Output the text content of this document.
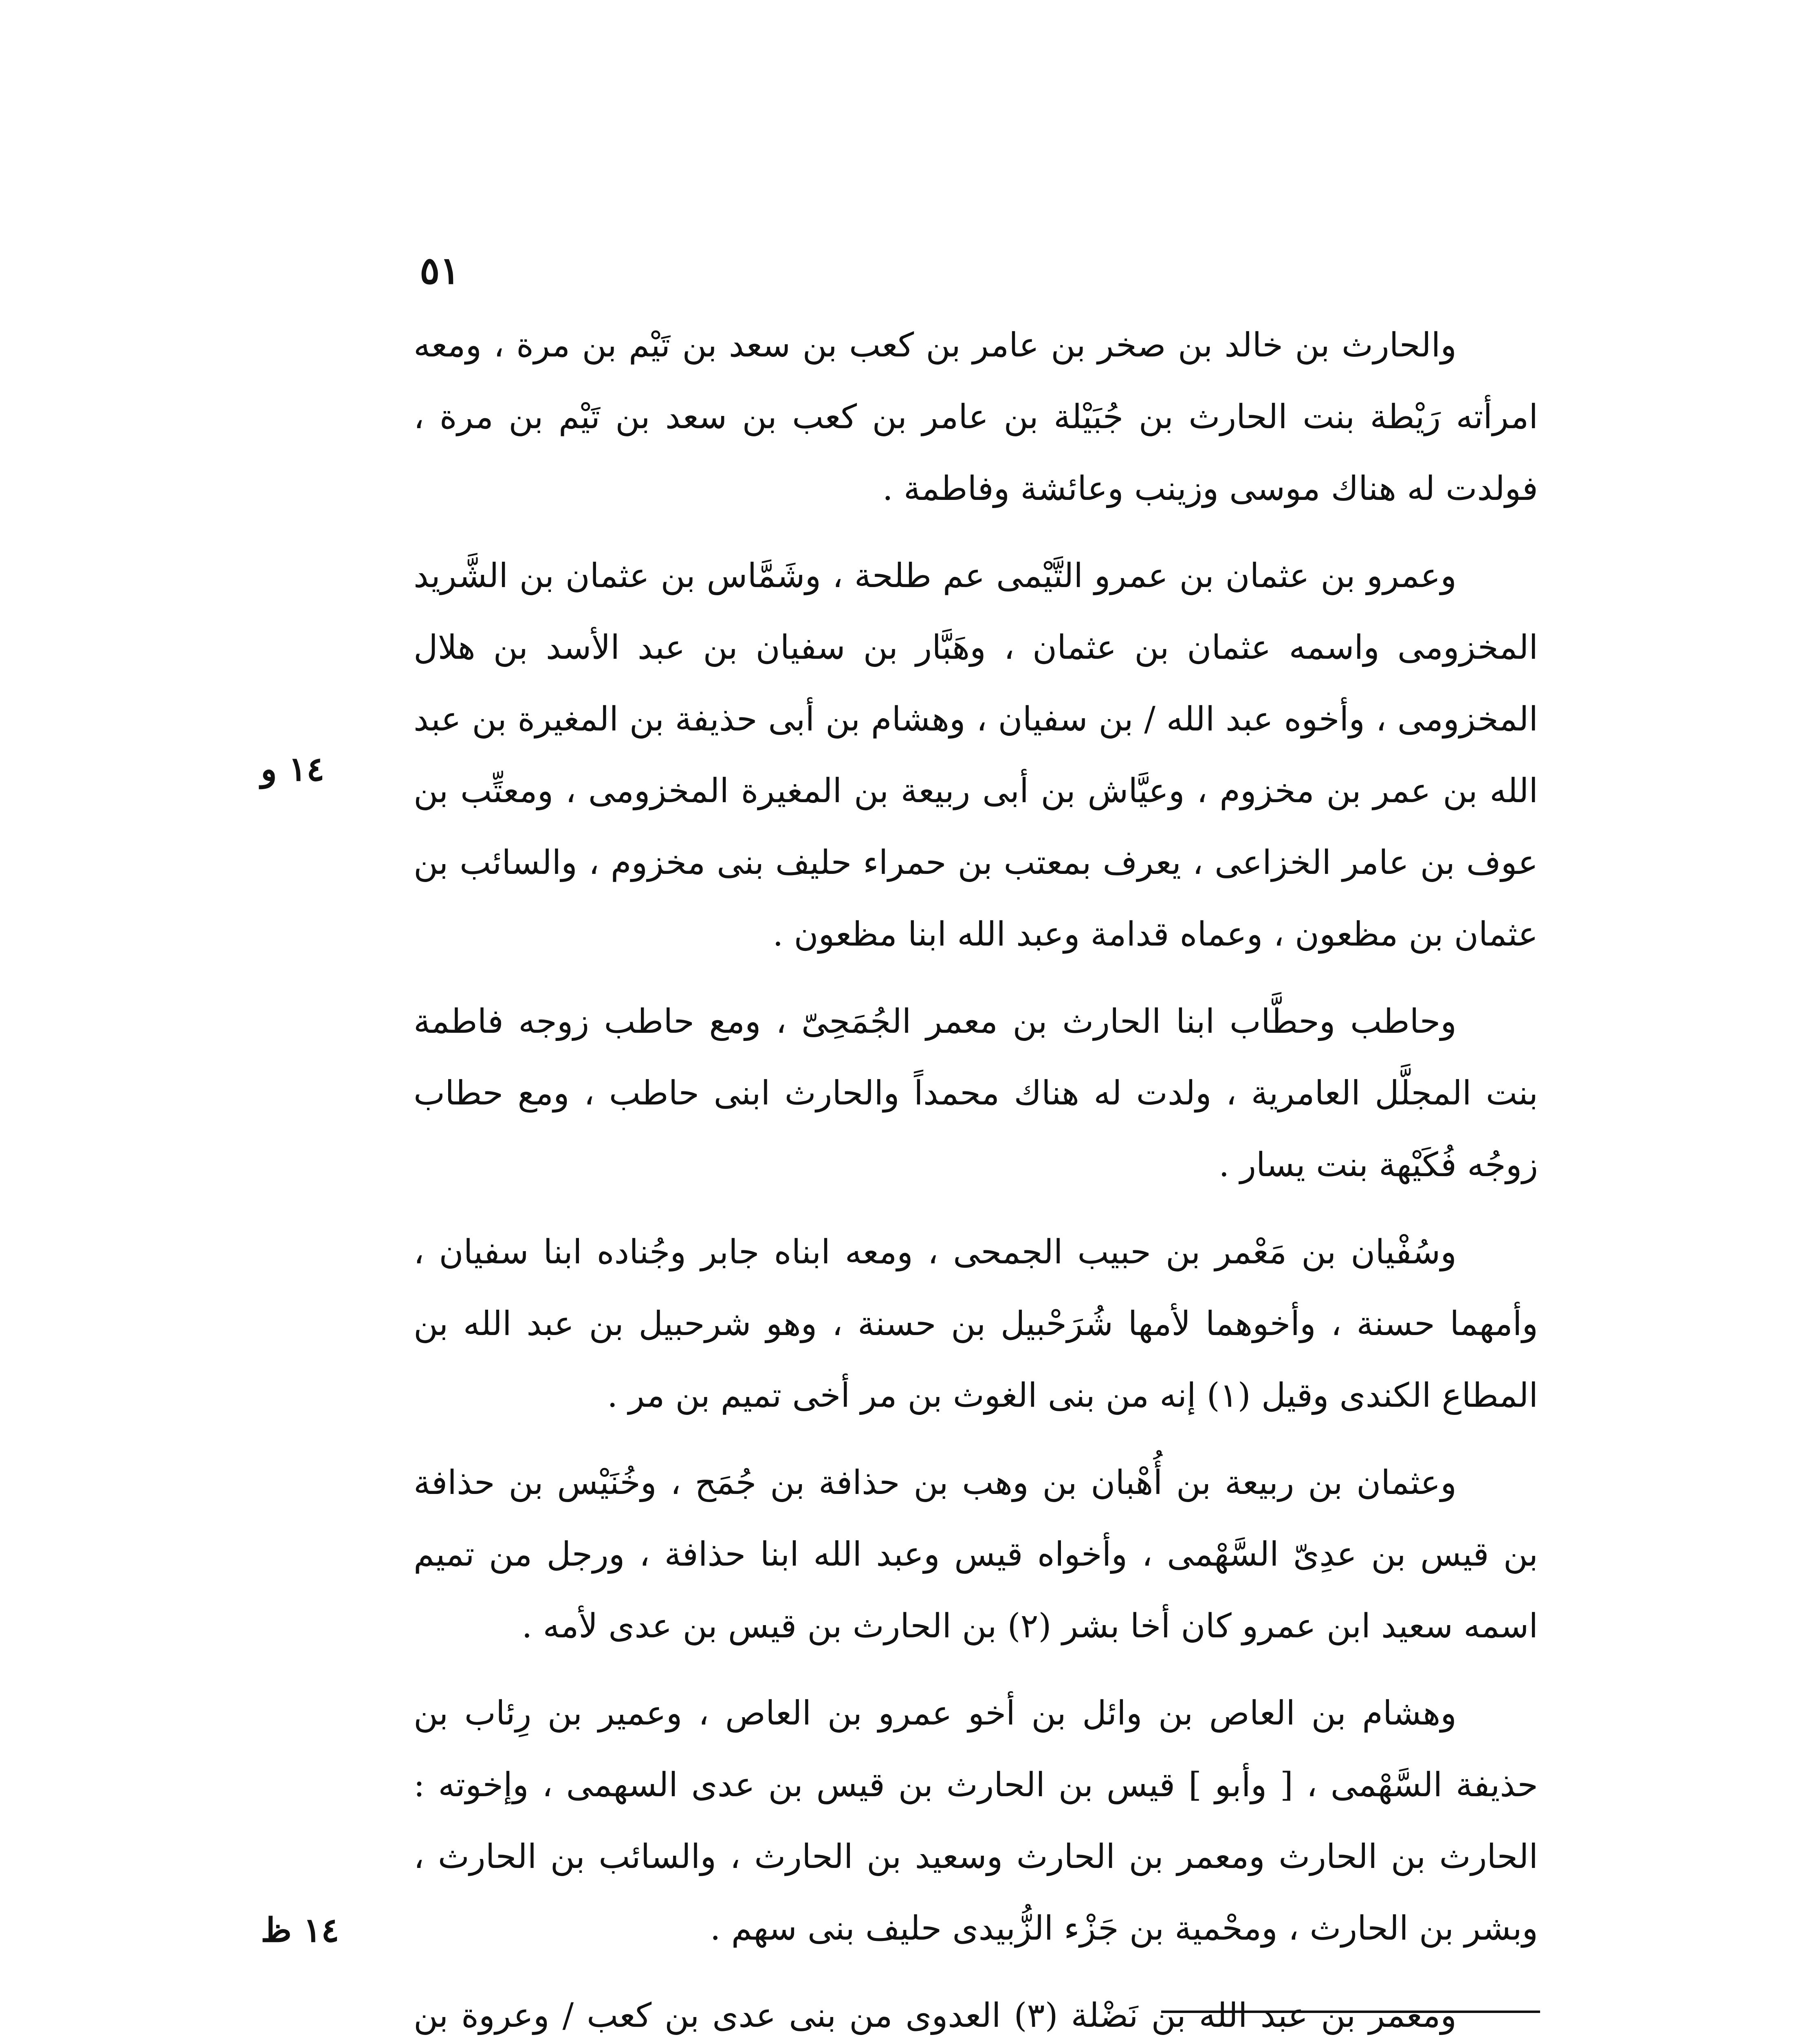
٥١
١٤ و
١٤ ظ

والحارث بن خالد بن صخر بن عامر بن كعب بن سعد بن تَيْم بن مرة ، ومعه امرأته رَيْطة بنت الحارث بن جُبَيْلة بن عامر بن كعب بن سعد بن تَيْم بن مرة ، فولدت له هناك موسى وزينب وعائشة وفاطمة .

وعمرو بن عثمان بن عمرو التَّيْمى عم طلحة ، وشَمَّاس بن عثمان بن الشَّريد المخزومى واسمه عثمان بن عثمان ، وهَبَّار بن سفيان بن عبد الأسد بن هلال المخزومى ، وأخوه عبد الله / بن سفيان ، وهشام بن أبى حذيفة بن المغيرة بن عبد الله بن عمر بن مخزوم ، وعيَّاش بن أبى ربيعة بن المغيرة المخزومى ، ومعتِّب بن عوف بن عامر الخزاعى ، يعرف بمعتب بن حمراء حليف بنى مخزوم ، والسائب بن عثمان بن مظعون ، وعماه قدامة وعبد الله ابنا مظعون .

وحاطب وحطَّاب ابنا الحارث بن معمر الجُمَحِىّ ، ومع حاطب زوجه فاطمة بنت المجلَّل العامرية ، ولدت له هناك محمداً والحارث ابنى حاطب ، ومع حطاب زوجُه فُكَيْهة بنت يسار .

وسُفْيان بن مَعْمر بن حبيب الجمحى ، ومعه ابناه جابر وجُناده ابنا سفيان ، وأمهما حسنة ، وأخوهما لأمها شُرَحْبيل بن حسنة ، وهو شرحبيل بن عبد الله بن المطاع الكندى وقيل (١) إنه من بنى الغوث بن مر أخى تميم بن مر .

وعثمان بن ربيعة بن أُهْبان بن وهب بن حذافة بن جُمَح ، وخُنَيْس بن حذافة بن قيس بن عدِىّ السَّهْمى ، وأخواه قيس وعبد الله ابنا حذافة ، ورجل من تميم اسمه سعيد ابن عمرو كان أخا بشر (٢) بن الحارث بن قيس بن عدى لأمه .

وهشام بن العاص بن وائل بن أخو عمرو بن العاص ، وعمير بن رِئاب بن حذيفة السَّهْمى ، [ وأبو ] قيس بن الحارث بن قيس بن عدى السهمى ، وإخوته : الحارث بن الحارث ومعمر بن الحارث وسعيد بن الحارث ، والسائب بن الحارث ، وبشر بن الحارث ، ومحْمية بن جَزْء الزُّبيدى حليف بنى سهم .

ومعمر بن عبد الله بن نَضْلة (٣) العدوى من بنى عدى بن كعب / وعروة بن
